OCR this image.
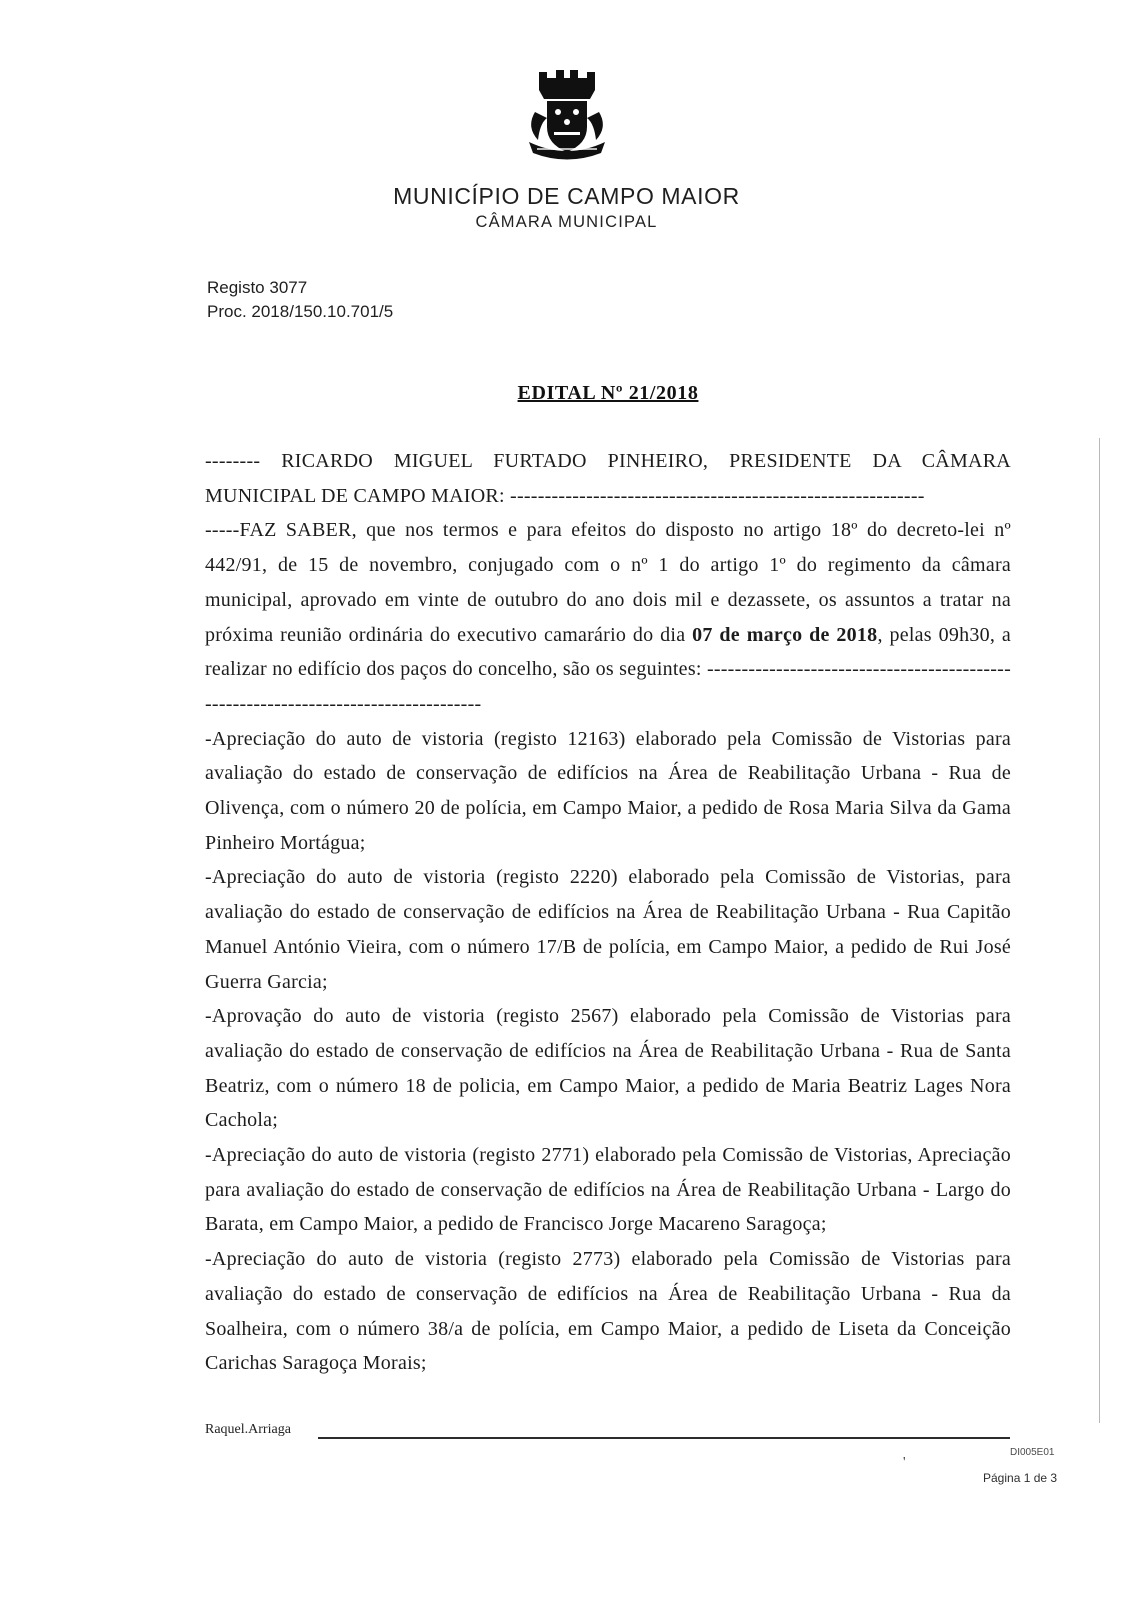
MUNICÍPIO DE CAMPO MAIOR
CÂMARA MUNICIPAL
Registo 3077
Proc. 2018/150.10.701/5
EDITAL Nº 21/2018

-------- RICARDO MIGUEL FURTADO PINHEIRO, PRESIDENTE DA CÂMARA MUNICIPAL DE CAMPO MAIOR: ------------------------------------------------------------

-----FAZ SABER, que nos termos e para efeitos do disposto no artigo 18º do decreto-lei nº 442/91, de 15 de novembro, conjugado com o nº 1 do artigo 1º do regimento da câmara municipal, aprovado em vinte de outubro do ano dois mil e dezassete, os assuntos a tratar na próxima reunião ordinária do executivo camarário do dia 07 de março de 2018, pelas 09h30, a realizar no edifício dos paços do concelho, são os seguintes: ------------------------------------------------------------------------------------

-Apreciação do auto de vistoria (registo 12163) elaborado pela Comissão de Vistorias para avaliação do estado de conservação de edifícios na Área de Reabilitação Urbana - Rua de Olivença, com o número 20 de polícia, em Campo Maior, a pedido de Rosa Maria Silva da Gama Pinheiro Mortágua;

-Apreciação do auto de vistoria (registo 2220) elaborado pela Comissão de Vistorias, para avaliação do estado de conservação de edifícios na Área de Reabilitação Urbana - Rua Capitão Manuel António Vieira, com o número 17/B de polícia, em Campo Maior, a pedido de Rui José Guerra Garcia;

-Aprovação do auto de vistoria (registo 2567) elaborado pela Comissão de Vistorias para avaliação do estado de conservação de edifícios na Área de Reabilitação Urbana - Rua de Santa Beatriz, com o número 18 de policia, em Campo Maior, a pedido de Maria Beatriz Lages Nora Cachola;

-Apreciação do auto de vistoria (registo 2771) elaborado pela Comissão de Vistorias, Apreciação para avaliação do estado de conservação de edifícios na Área de Reabilitação Urbana - Largo do Barata, em Campo Maior, a pedido de Francisco Jorge Macareno Saragoça;

-Apreciação do auto de vistoria (registo 2773) elaborado pela Comissão de Vistorias para avaliação do estado de conservação de edifícios na Área de Reabilitação Urbana - Rua da Soalheira, com o número 38/a de polícia, em Campo Maior, a pedido de Liseta da Conceição Carichas Saragoça Morais;

Raquel.Arriaga
'
DI005E01
Página 1 de 3
